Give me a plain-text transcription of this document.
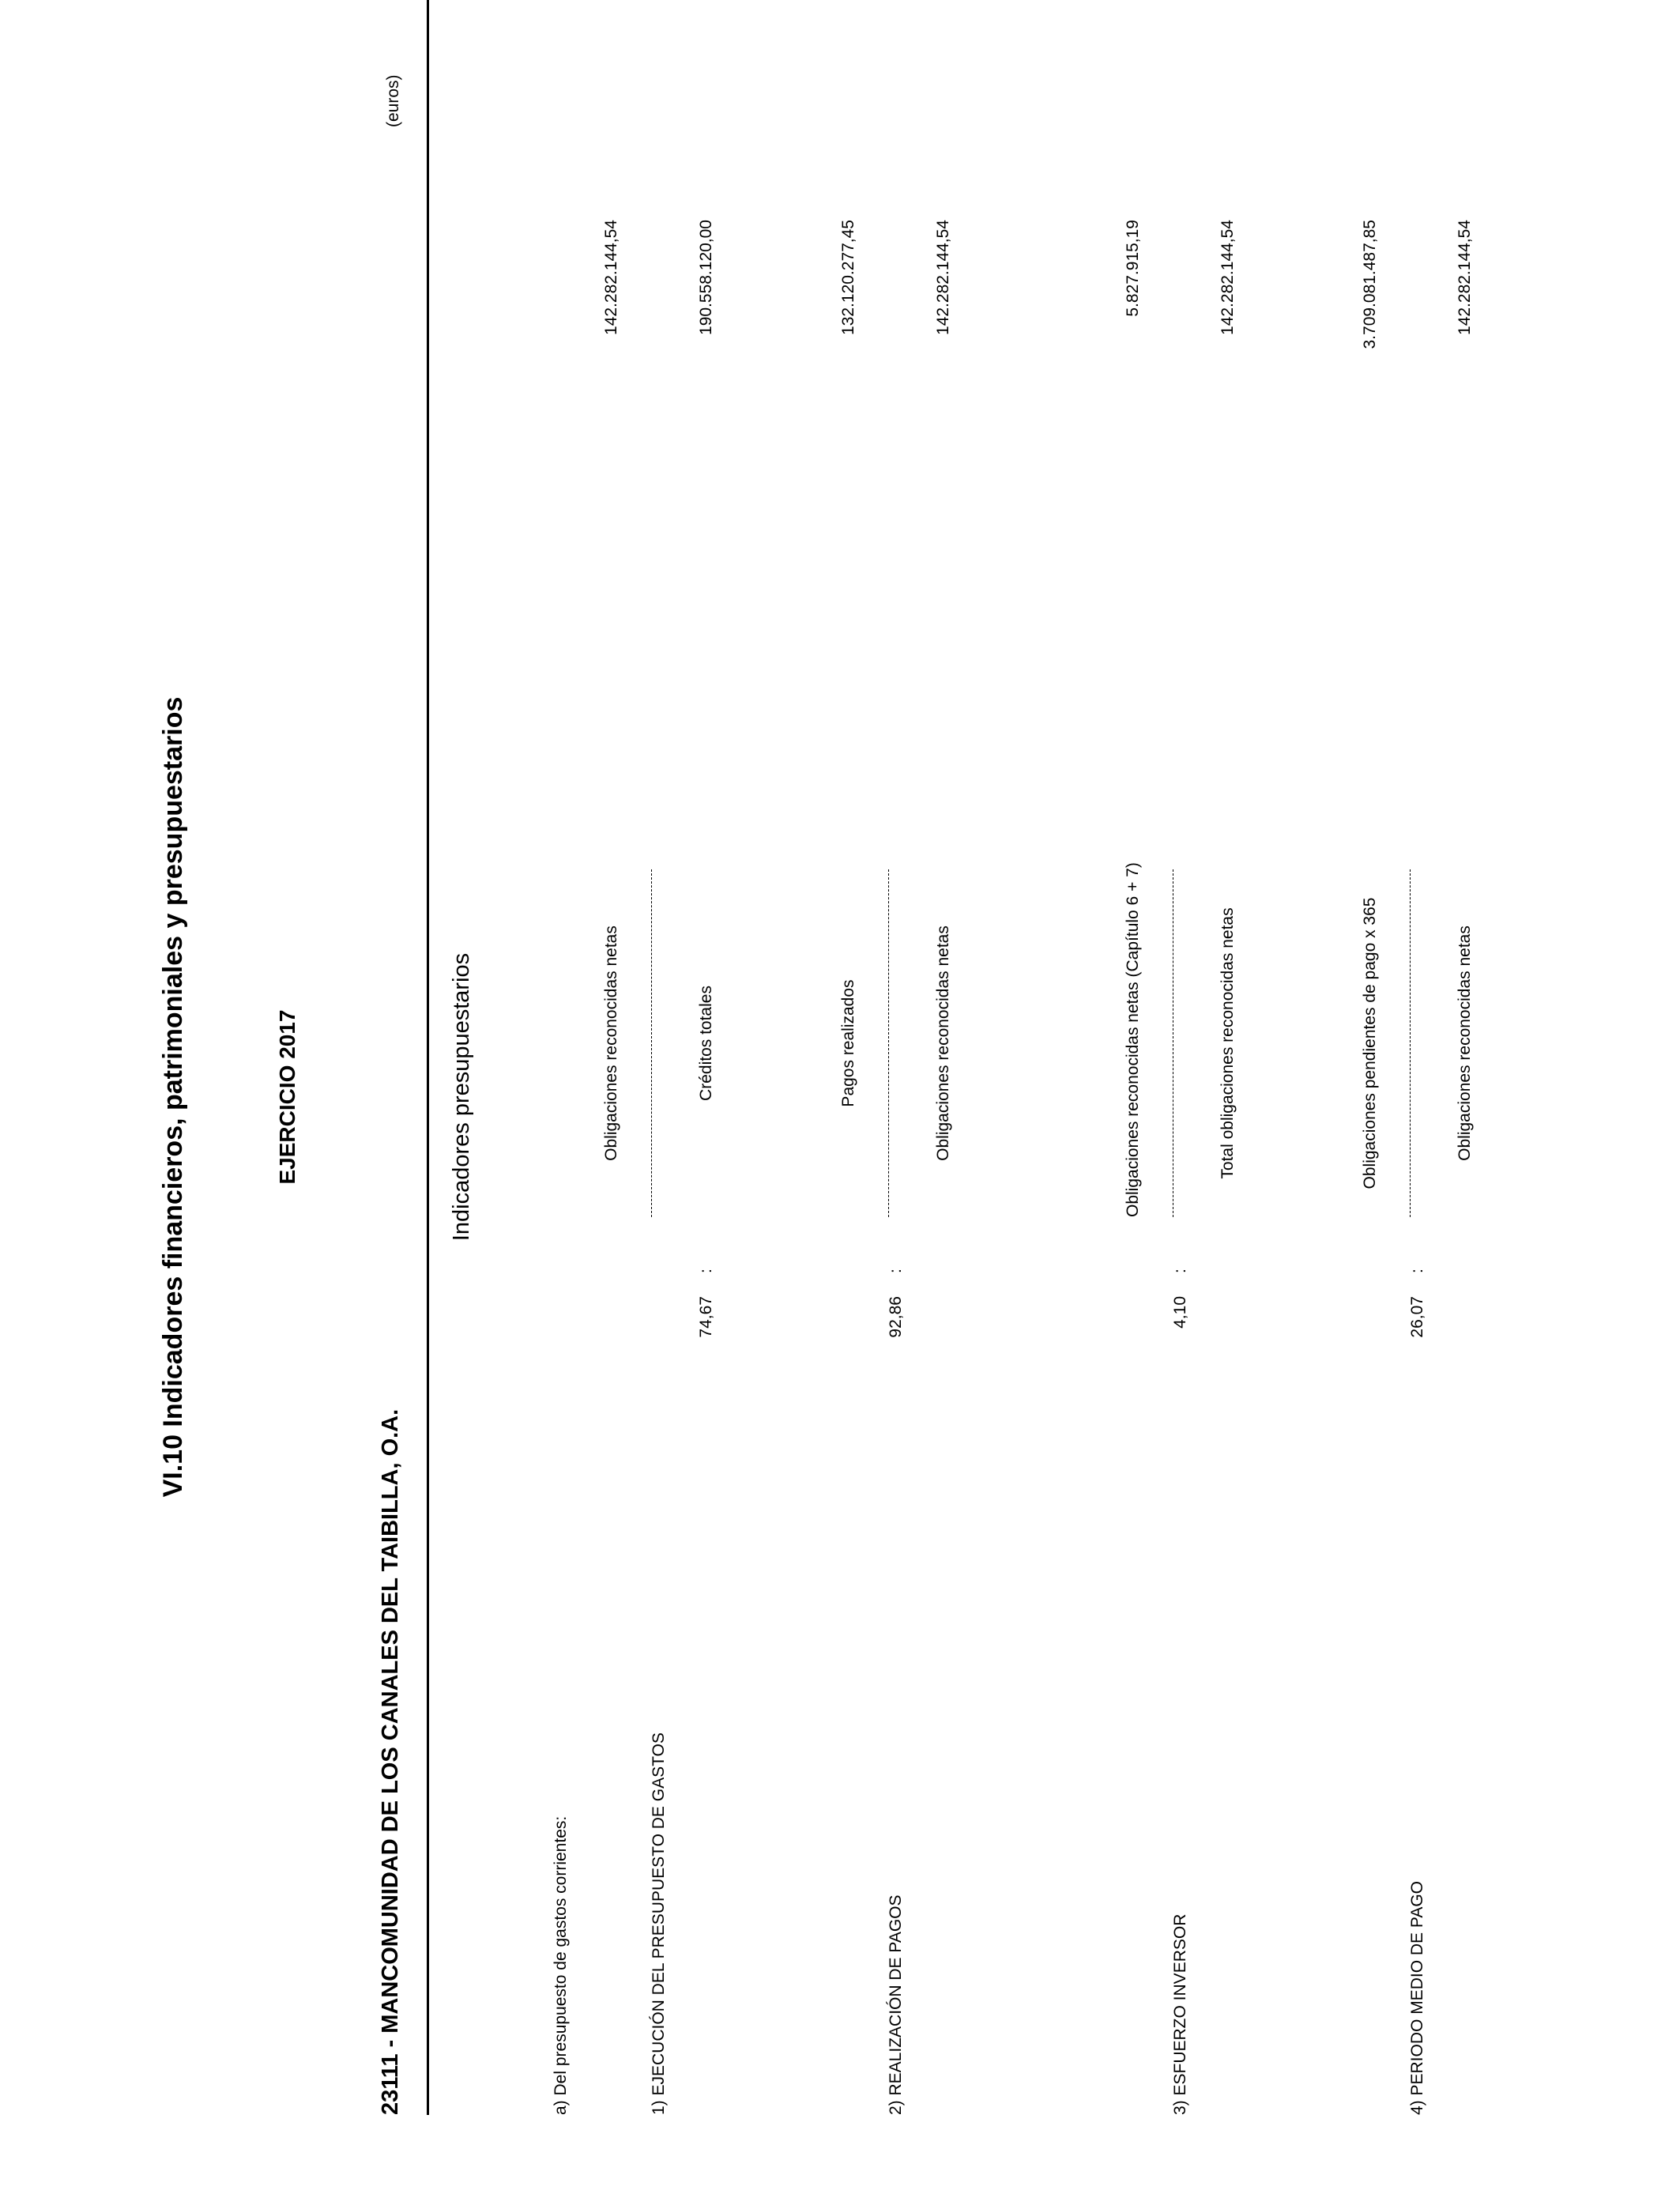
VI.10 Indicadores financieros, patrimoniales y presupuestarios	EJERCICIO 2017
23111 - MANCOMUNIDAD DE LOS CANALES DEL TAIBILLA, O.A.
(euros)
Indicadores presupuestarios
a) Del presupuesto de gastos corrientes:	1) EJECUCIÓN DEL PRESUPUESTO DE GASTOS
74,67
:
Obligaciones reconocidas netas	Créditos totales
142.282.144,54	190.558.120,00
2) REALIZACIÓN DE PAGOS
92,86
:
Pagos realizados	Obligaciones reconocidas netas
132.120.277,45	142.282.144,54
3) ESFUERZO INVERSOR
4,10
:
Obligaciones reconocidas netas (Capítulo 6 + 7)	Total obligaciones reconocidas netas
5.827.915,19	142.282.144,54
4) PERIODO MEDIO DE PAGO
26,07
:
Obligaciones pendientes de pago x 365	Obligaciones reconocidas netas
3.709.081.487,85	142.282.144,54
